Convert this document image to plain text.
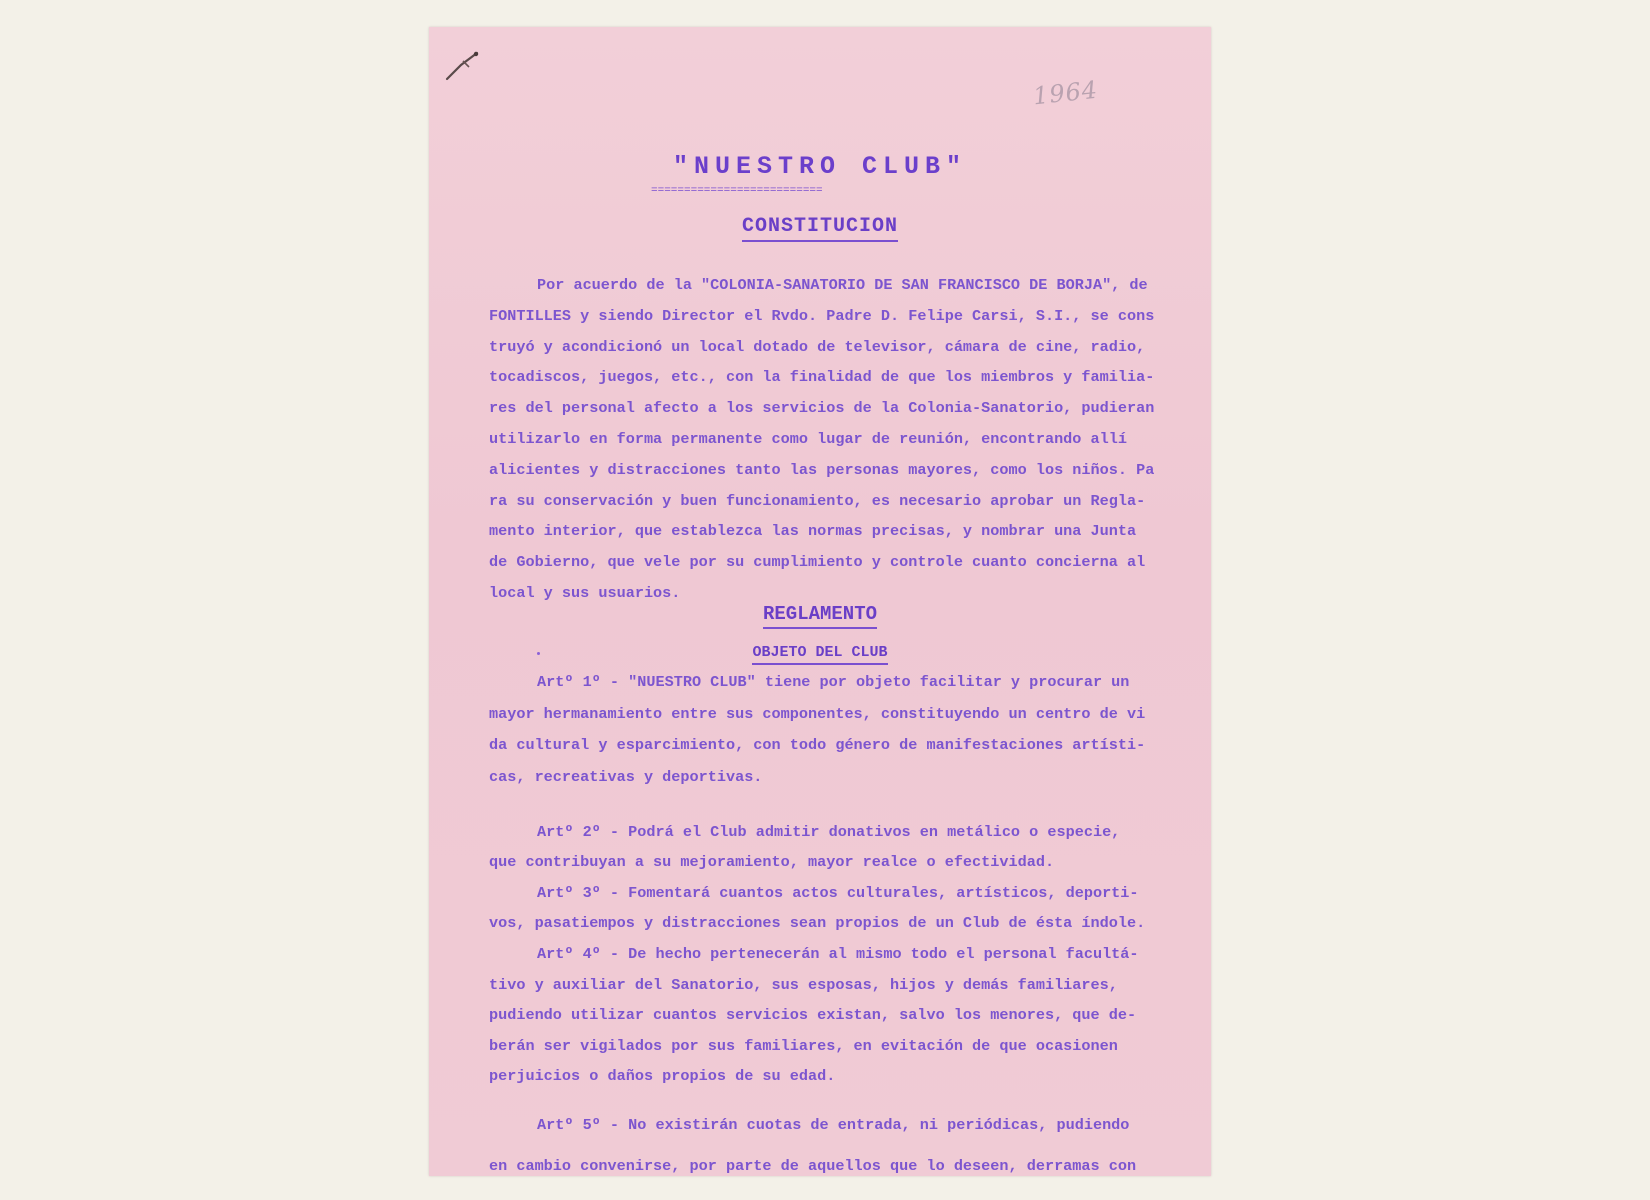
1964
"NUESTRO CLUB"
==========================
CONSTITUCION
Por acuerdo de la "COLONIA-SANATORIO DE SAN FRANCISCO DE BORJA", de
FONTILLES y siendo Director el Rvdo. Padre D. Felipe Carsi, S.I., se cons
truyó y acondicionó un local dotado de televisor, cámara de cine, radio,
tocadiscos, juegos, etc., con la finalidad de que los miembros y familia-
res del personal afecto a los servicios de la Colonia-Sanatorio, pudieran
utilizarlo en forma permanente como lugar de reunión, encontrando allí
alicientes y distracciones tanto las personas mayores, como los niños. Pa
ra su conservación y buen funcionamiento, es necesario aprobar un Regla-
mento interior, que establezca las normas precisas, y nombrar una Junta
de Gobierno, que vele por su cumplimiento y controle cuanto concierna al
local y sus usuarios.
REGLAMENTO
OBJETO DEL CLUB
Artº 1º - "NUESTRO CLUB" tiene por objeto facilitar y procurar un
mayor hermanamiento entre sus componentes, constituyendo un centro de vi
da cultural y esparcimiento, con todo género de manifestaciones artísti-
cas, recreativas y deportivas.
Artº 2º - Podrá el Club admitir donativos en metálico o especie,
que contribuyan a su mejoramiento, mayor realce o efectividad.
Artº 3º - Fomentará cuantos actos culturales, artísticos, deporti-
vos, pasatiempos y distracciones sean propios de un Club de ésta índole.
Artº 4º - De hecho pertenecerán al mismo todo el personal facultá-
tivo y auxiliar del Sanatorio, sus esposas, hijos y demás familiares,
pudiendo utilizar cuantos servicios existan, salvo los menores, que de-
berán ser vigilados por sus familiares, en evitación de que ocasionen
perjuicios o daños propios de su edad.
Artº 5º - No existirán cuotas de entrada, ni periódicas, pudiendo
en cambio convenirse, por parte de aquellos que lo deseen, derramas con
